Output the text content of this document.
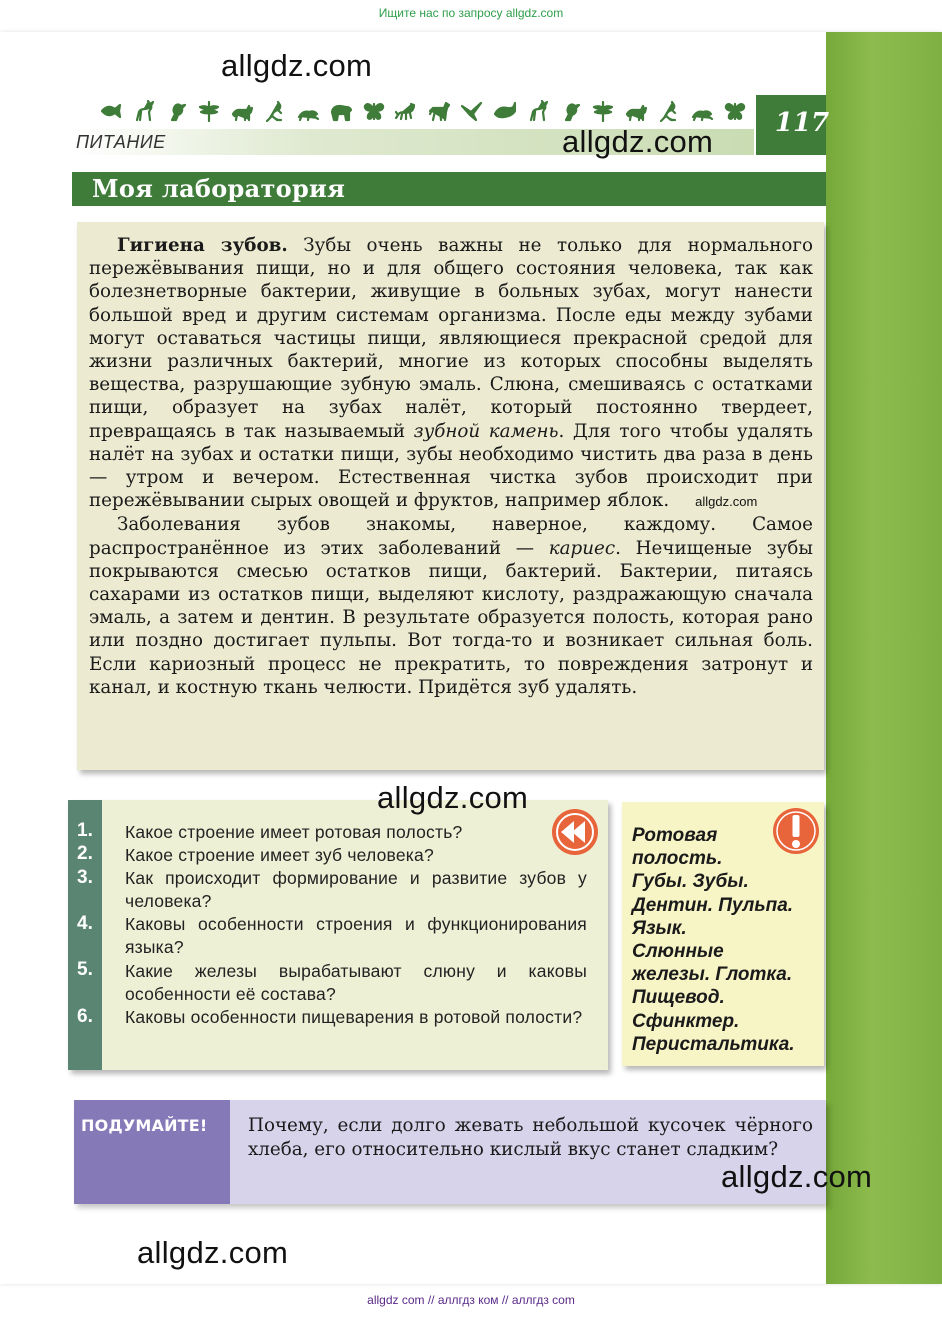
Ищите нас по запросу allgdz.com
allgdz.com
ПИТАНИЕ	allgdz.com
117
Моя лаборатория

Гигиена зубов. Зубы очень важны не только для нормального пережёвывания пищи, но и для общего состояния человека, так как болезнетворные бактерии, живущие в больных зубах, могут нанести большой вред и другим системам организма. После еды между зубами могут оставаться частицы пищи, являющиеся прекрасной средой для жизни различных бактерий, многие из которых способны выделять вещества, разрушающие зубную эмаль. Слюна, смешиваясь с остатками пищи, образует на зубах налёт, который постоянно твердеет, превращаясь в так называемый зубной камень. Для того чтобы удалять налёт на зубах и остатки пищи, зубы необходимо чистить два раза в день — утром и вечером. Естественная чистка зубов происходит при пережёвывании сырых овощей и фруктов, например яблок. allgdz.com

Заболевания зубов знакомы, наверное, каждому. Самое распространённое из этих заболеваний — кариес. Нечищеные зубы покрываются смесью остатков пищи, бактерий. Бактерии, питаясь сахарами из остатков пищи, выделяют кислоту, раздражающую сначала эмаль, а затем и дентин. В результате образуется полость, которая рано или поздно достигает пульпы. Вот тогда-то и возникает сильная боль. Если кариозный процесс не прекратить, то повреждения затронут и канал, и костную ткань челюсти. Придётся зуб удалять.

allgdz.com
1. Какое строение имеет ротовая полость?
2. Какое строение имеет зуб человека?
3. Как происходит формирование и развитие зубов у человека?
4. Каковы особенности строения и функционирования языка?
5. Какие железы вырабатывают слюну и каковы особенности её состава?
6. Каковы особенности пищеварения в ротовой полости?
Ротовая
полость.
Губы. Зубы.
Дентин. Пульпа.
Язык.
Слюнные
железы. Глотка.
Пищевод.
Сфинктер.
Перистальтика.
ПОДУМАЙТЕ! Почему, если долго жевать небольшой кусочек чёрного хлеба, его относительно кислый вкус станет сладким?
allgdz.com
allgdz.com
allgdz com // аллгдз ком // аллгдз com
